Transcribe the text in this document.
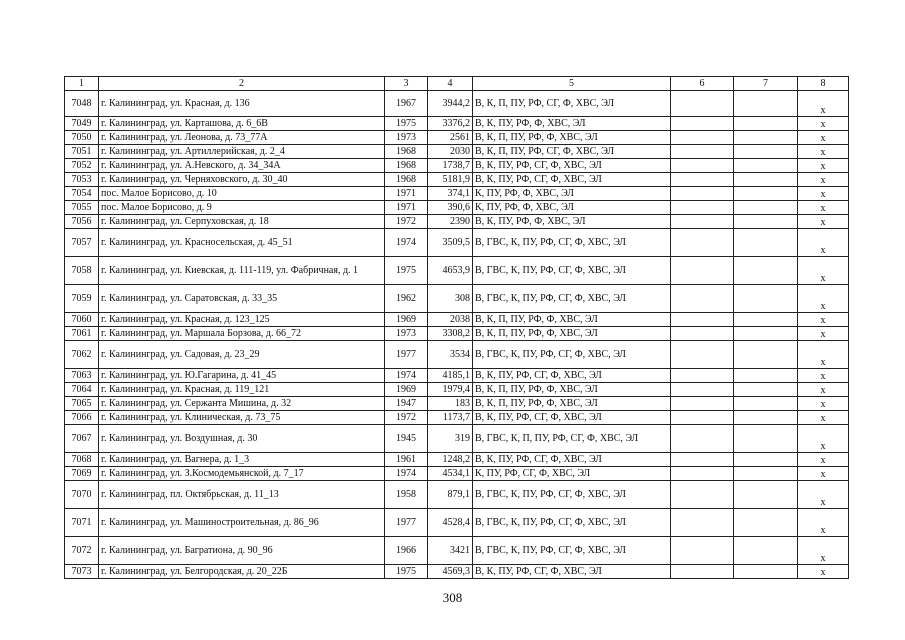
1	2	3	4	5	6	7	8
7048	г. Калининград, ул. Красная, д. 136	1967	3944,2	В, К, П, ПУ, РФ, СГ, Ф, ХВС, ЭЛ			x
7049	г. Калининград, ул. Карташова, д. 6_6В	1975	3376,2	В, К, ПУ, РФ, Ф, ХВС, ЭЛ			x
7050	г. Калининград, ул. Леонова, д. 73_77А	1973	2561	В, К, П, ПУ, РФ, Ф, ХВС, ЭЛ			x
7051	г. Калининград, ул. Артиллерийская, д. 2_4	1968	2030	В, К, П, ПУ, РФ, СГ, Ф, ХВС, ЭЛ			x
7052	г. Калининград, ул. А.Невского, д. 34_34А	1968	1738,7	В, К, ПУ, РФ, СГ, Ф, ХВС, ЭЛ			x
7053	г. Калининград, ул. Черняховского, д. 30_40	1968	5181,9	В, К, ПУ, РФ, СГ, Ф, ХВС, ЭЛ			x
7054	пос. Малое Борисово, д. 10	1971	374,1	К, ПУ, РФ, Ф, ХВС, ЭЛ			x
7055	пос. Малое Борисово, д. 9	1971	390,6	К, ПУ, РФ, Ф, ХВС, ЭЛ			x
7056	г. Калининград, ул. Серпуховская, д. 18	1972	2390	В, К, ПУ, РФ, Ф, ХВС, ЭЛ			x
7057	г. Калининград, ул. Красносельская, д. 45_51	1974	3509,5	В, ГВС, К, ПУ, РФ, СГ, Ф, ХВС, ЭЛ			x
7058	г. Калининград, ул. Киевская, д. 111-119, ул. Фабричная, д. 1	1975	4653,9	В, ГВС, К, ПУ, РФ, СГ, Ф, ХВС, ЭЛ			x
7059	г. Калининград, ул. Саратовская, д. 33_35	1962	308	В, ГВС, К, ПУ, РФ, СГ, Ф, ХВС, ЭЛ			x
7060	г. Калининград, ул. Красная, д. 123_125	1969	2038	В, К, П, ПУ, РФ, Ф, ХВС, ЭЛ			x
7061	г. Калининград, ул. Маршала Борзова, д. 66_72	1973	3308,2	В, К, П, ПУ, РФ, Ф, ХВС, ЭЛ			x
7062	г. Калининград, ул. Садовая, д. 23_29	1977	3534	В, ГВС, К, ПУ, РФ, СГ, Ф, ХВС, ЭЛ			x
7063	г. Калининград, ул. Ю.Гагарина, д. 41_45	1974	4185,1	В, К, ПУ, РФ, СГ, Ф, ХВС, ЭЛ			x
7064	г. Калининград, ул. Красная, д. 119_121	1969	1979,4	В, К, П, ПУ, РФ, Ф, ХВС, ЭЛ			x
7065	г. Калининград, ул. Сержанта Мишина, д. 32	1947	183	В, К, П, ПУ, РФ, Ф, ХВС, ЭЛ			x
7066	г. Калининград, ул. Клиническая, д. 73_75	1972	1173,7	В, К, ПУ, РФ, СГ, Ф, ХВС, ЭЛ			x
7067	г. Калининград, ул. Воздушная, д. 30	1945	319	В, ГВС, К, П, ПУ, РФ, СГ, Ф, ХВС, ЭЛ			x
7068	г. Калининград, ул. Вагнера, д. 1_3	1961	1248,2	В, К, ПУ, РФ, СГ, Ф, ХВС, ЭЛ			x
7069	г. Калининград, ул. З.Космодемьянской, д. 7_17	1974	4534,1	К, ПУ, РФ, СГ, Ф, ХВС, ЭЛ			x
7070	г. Калининград, пл. Октябрьская, д. 11_13	1958	879,1	В, ГВС, К, ПУ, РФ, СГ, Ф, ХВС, ЭЛ			x
7071	г. Калининград, ул. Машиностроительная, д. 86_96	1977	4528,4	В, ГВС, К, ПУ, РФ, СГ, Ф, ХВС, ЭЛ			x
7072	г. Калининград, ул. Багратиона, д. 90_96	1966	3421	В, ГВС, К, ПУ, РФ, СГ, Ф, ХВС, ЭЛ			x
7073	г. Калининград, ул. Белгородская, д. 20_22Б	1975	4569,3	В, К, ПУ, РФ, СГ, Ф, ХВС, ЭЛ			x
308
